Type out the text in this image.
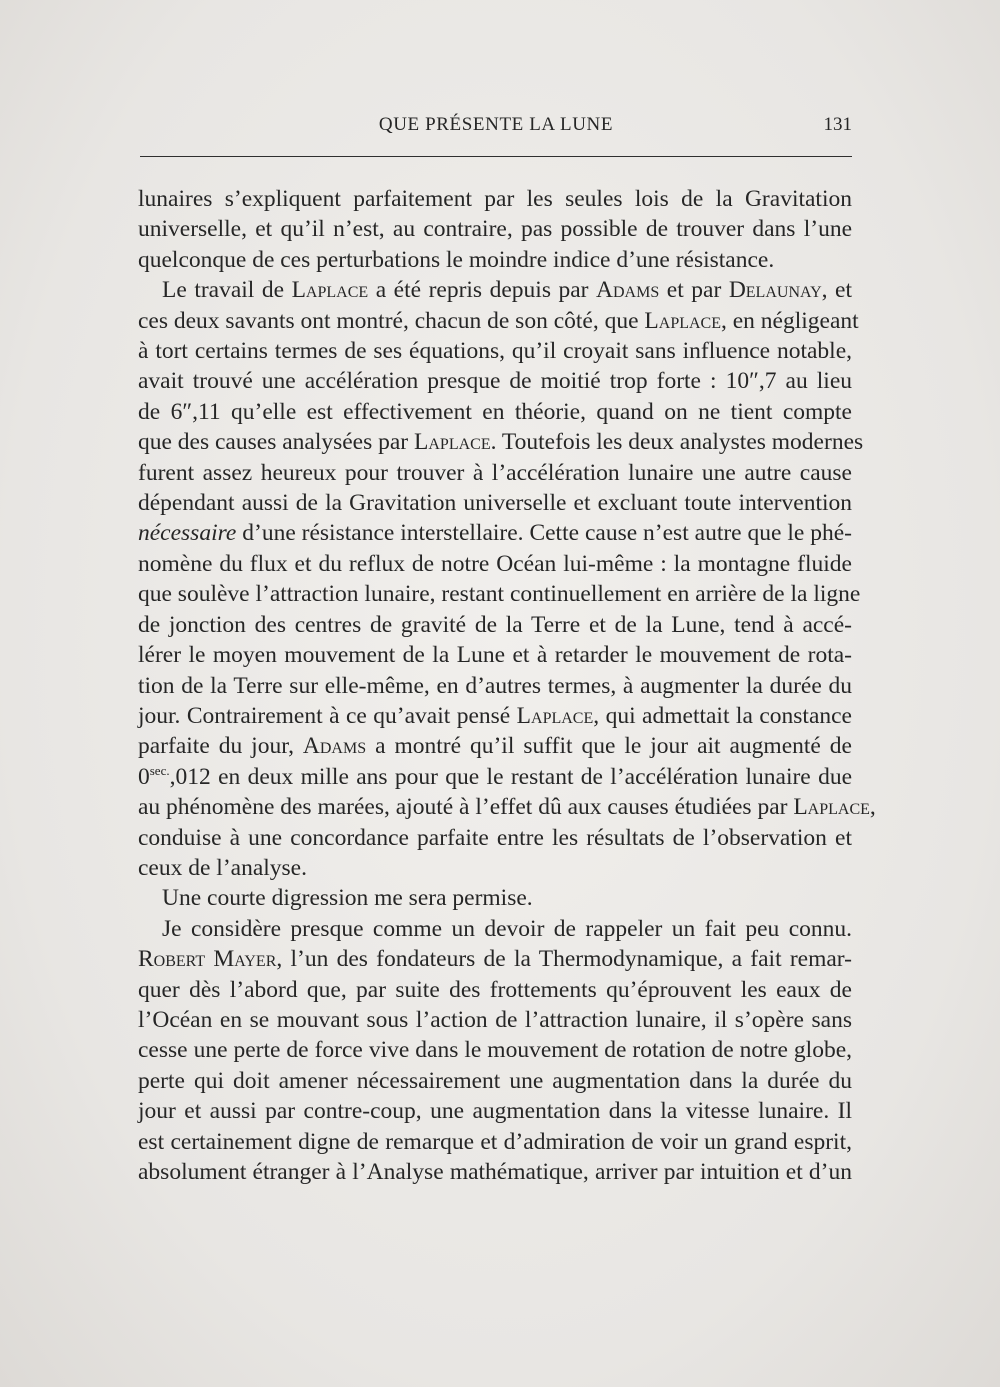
QUE PRÉSENTE LA LUNE	131
lunaires s’expliquent parfaitement par les seules lois de la Gravitation
universelle, et qu’il n’est, au contraire, pas possible de trouver dans l’une
quelconque de ces perturbations le moindre indice d’une résistance.
Le travail de Laplace a été repris depuis par Adams et par Delaunay, et
ces deux savants ont montré, chacun de son côté, que Laplace, en négligeant
à tort certains termes de ses équations, qu’il croyait sans influence notable,
avait trouvé une accélération presque de moitié trop forte : 10″,7 au lieu
de 6″,11 qu’elle est effectivement en théorie, quand on ne tient compte
que des causes analysées par Laplace. Toutefois les deux analystes modernes
furent assez heureux pour trouver à l’accélération lunaire une autre cause
dépendant aussi de la Gravitation universelle et excluant toute intervention
nécessaire d’une résistance interstellaire. Cette cause n’est autre que le phé-
nomène du flux et du reflux de notre Océan lui-même : la montagne fluide
que soulève l’attraction lunaire, restant continuellement en arrière de la ligne
de jonction des centres de gravité de la Terre et de la Lune, tend à accé-
lérer le moyen mouvement de la Lune et à retarder le mouvement de rota-
tion de la Terre sur elle-même, en d’autres termes, à augmenter la durée du
jour. Contrairement à ce qu’avait pensé Laplace, qui admettait la constance
parfaite du jour, Adams a montré qu’il suffit que le jour ait augmenté de
$0^{sec.},012$ en deux mille ans pour que le restant de l’accélération lunaire due
au phénomène des marées, ajouté à l’effet dû aux causes étudiées par Laplace,
conduise à une concordance parfaite entre les résultats de l’observation et
ceux de l’analyse.
Une courte digression me sera permise.
Je considère presque comme un devoir de rappeler un fait peu connu.
Robert Mayer, l’un des fondateurs de la Thermodynamique, a fait remar-
quer dès l’abord que, par suite des frottements qu’éprouvent les eaux de
l’Océan en se mouvant sous l’action de l’attraction lunaire, il s’opère sans
cesse une perte de force vive dans le mouvement de rotation de notre globe,
perte qui doit amener nécessairement une augmentation dans la durée du
jour et aussi par contre-coup, une augmentation dans la vitesse lunaire. Il
est certainement digne de remarque et d’admiration de voir un grand esprit,
absolument étranger à l’Analyse mathématique, arriver par intuition et d’un
